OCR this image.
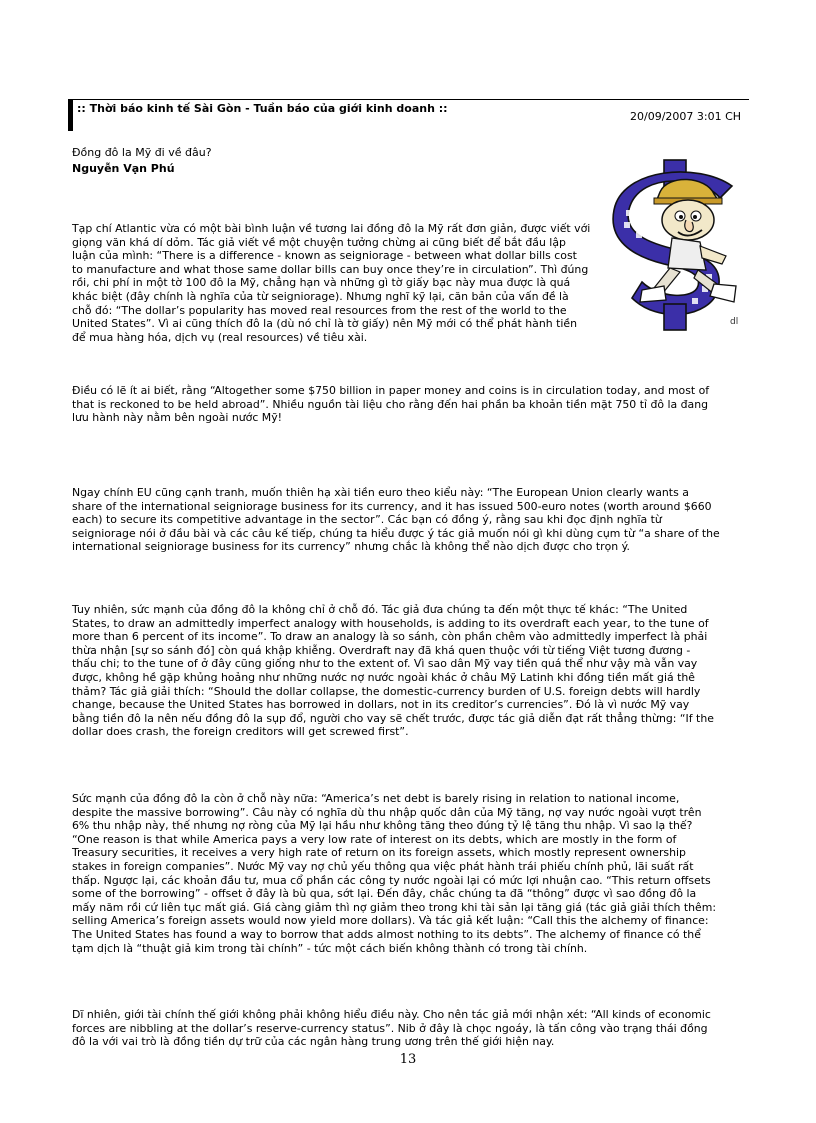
:: Thời báo kinh tế Sài Gòn - Tuần báo của giới kinh doanh ::
20/09/2007 3:01 CH
Đồng đô la Mỹ đi về đâu?
Nguyễn Vạn Phú
dl

Tạp chí Atlantic vừa có một bài bình luận về tương lai đồng đô la Mỹ rất đơn giản, được viết với

giọng văn khá dí dỏm. Tác giả viết về một chuyện tưởng chừng ai cũng biết để bắt đầu lập

luận của mình: “There is a difference - known as seigniorage - between what dollar bills cost

to manufacture and what those same dollar bills can buy once they’re in circulation”. Thì đúng

rồi, chi phí in một tờ 100 đô la Mỹ, chẳng hạn và những gì tờ giấy bạc này mua được là quá

khác biệt (đây chính là nghĩa của từ seigniorage). Nhưng nghĩ kỹ lại, căn bản của vấn đề là

chỗ đó: “The dollar’s popularity has moved real resources from the rest of the world to the

United States”. Vì ai cũng thích đô la (dù nó chỉ là tờ giấy) nên Mỹ mới có thể phát hành tiền

để mua hàng hóa, dịch vụ (real resources) về tiêu xài.

Điều có lẽ ít ai biết, rằng “Altogether some $750 billion in paper money and coins is in circulation today, and most of

that is reckoned to be held abroad”. Nhiều nguồn tài liệu cho rằng đến hai phần ba khoản tiền mặt 750 tỉ đô la đang

lưu hành này nằm bên ngoài nước Mỹ!

Ngay chính EU cũng cạnh tranh, muốn thiên hạ xài tiền euro theo kiểu này: “The European Union clearly wants a

share of the international seigniorage business for its currency, and it has issued 500-euro notes (worth around $660

each) to secure its competitive advantage in the sector”. Các bạn có đồng ý, rằng sau khi đọc định nghĩa từ

seigniorage nói ở đầu bài và các câu kế tiếp, chúng ta hiểu được ý tác giả muốn nói gì khi dùng cụm từ “a share of the

international seigniorage business for its currency” nhưng chắc là không thể nào dịch được cho trọn ý.

Tuy nhiên, sức mạnh của đồng đô la không chỉ ở chỗ đó. Tác giả đưa chúng ta đến một thực tế khác: “The United

States, to draw an admittedly imperfect analogy with households, is adding to its overdraft each year, to the tune of

more than 6 percent of its income”. To draw an analogy là so sánh, còn phần chêm vào admittedly imperfect là phải

thừa nhận [sự so sánh đó] còn quá khập khiễng. Overdraft nay đã khá quen thuộc với từ tiếng Việt tương đương -

thấu chi; to the tune of ở đây cũng giống như to the extent of. Vì sao dân Mỹ vay tiền quá thể như vậy mà vẫn vay

được, không hề gặp khủng hoảng như những nước nợ nước ngoài khác ở châu Mỹ Latinh khi đồng tiền mất giá thê

thảm? Tác giả giải thích: “Should the dollar collapse, the domestic-currency burden of U.S. foreign debts will hardly

change, because the United States has borrowed in dollars, not in its creditor’s currencies”. Đó là vì nước Mỹ vay

bằng tiền đô la nên nếu đồng đô la sụp đổ, người cho vay sẽ chết trước, được tác giả diễn đạt rất thẳng thừng: “If the

dollar does crash, the foreign creditors will get screwed first”.

Sức mạnh của đồng đô la còn ở chỗ này nữa: “America’s net debt is barely rising in relation to national income,

despite the massive borrowing”. Câu này có nghĩa dù thu nhập quốc dân của Mỹ tăng, nợ vay nước ngoài vượt trên

6% thu nhập này, thế nhưng nợ ròng của Mỹ lại hầu như không tăng theo đúng tỷ lệ tăng thu nhập. Vì sao lạ thế?

“One reason is that while America pays a very low rate of interest on its debts, which are mostly in the form of

Treasury securities, it receives a very high rate of return on its foreign assets, which mostly represent ownership

stakes in foreign companies”. Nước Mỹ vay nợ chủ yếu thông qua việc phát hành trái phiếu chính phủ, lãi suất rất

thấp. Ngược lại, các khoản đầu tư, mua cổ phần các công ty nước ngoài lại có mức lợi nhuận cao. “This return offsets

some of the borrowing” - offset ở đây là bù qua, sớt lại. Đến đây, chắc chúng ta đã “thông” được vì sao đồng đô la

mấy năm rồi cứ liên tục mất giá. Giá càng giảm thì nợ giảm theo trong khi tài sản lại tăng giá (tác giả giải thích thêm:

selling America’s foreign assets would now yield more dollars). Và tác giả kết luận: “Call this the alchemy of finance:

The United States has found a way to borrow that adds almost nothing to its debts”. The alchemy of finance có thể

tạm dịch là “thuật giả kim trong tài chính” - tức một cách biến không thành có trong tài chính.

Dĩ nhiên, giới tài chính thế giới không phải không hiểu điều này. Cho nên tác giả mới nhận xét: “All kinds of economic

forces are nibbling at the dollar’s reserve-currency status”. Nib ở đây là chọc ngoáy, là tấn công vào trạng thái đồng

đô la với vai trò là đồng tiền dự trữ của các ngân hàng trung ương trên thế giới hiện nay.

13
